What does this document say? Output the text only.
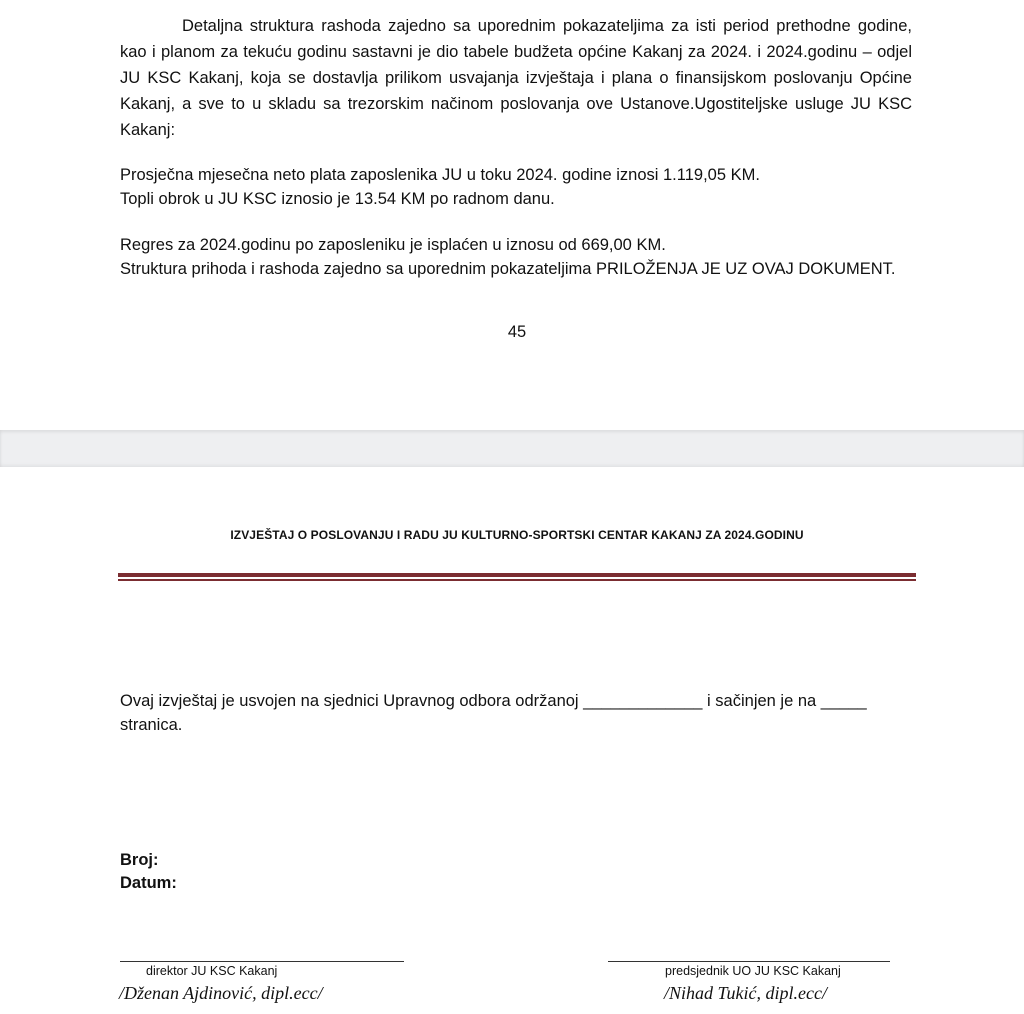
Detaljna struktura rashoda zajedno sa uporednim pokazateljima za isti period prethodne godine, kao i planom za tekuću godinu sastavni je dio tabele budžeta općine Kakanj za 2024. i 2024.godinu – odjel JU KSC Kakanj, koja se dostavlja prilikom usvajanja izvještaja i plana o finansijskom poslovanju Općine Kakanj, a sve to u skladu sa trezorskim načinom poslovanja ove Ustanove.Ugostiteljske usluge JU KSC Kakanj:

Prosječna mjesečna neto plata zaposlenika JU u toku 2024. godine iznosi 1.119,05 KM.

Topli obrok u JU KSC iznosio je 13.54 KM po radnom danu.

Regres za 2024.godinu po zaposleniku je isplaćen u iznosu od 669,00 KM.

Struktura prihoda i rashoda zajedno sa uporednim pokazateljima PRILOŽENJA JE UZ OVAJ DOKUMENT.

45
IZVJEŠTAJ O POSLOVANJU I RADU JU KULTURNO-SPORTSKI CENTAR KAKANJ ZA 2024.GODINU

Ovaj izvještaj je usvojen na sjednici Upravnog odbora održanoj _____________ i sačinjen je na _____ stranica.

Broj:

Datum:

direktor JU KSC Kakanj	predsjednik UO JU KSC Kakanj
/Dženan Ajdinović, dipl.ecc/	/Nihad Tukić, dipl.ecc/
